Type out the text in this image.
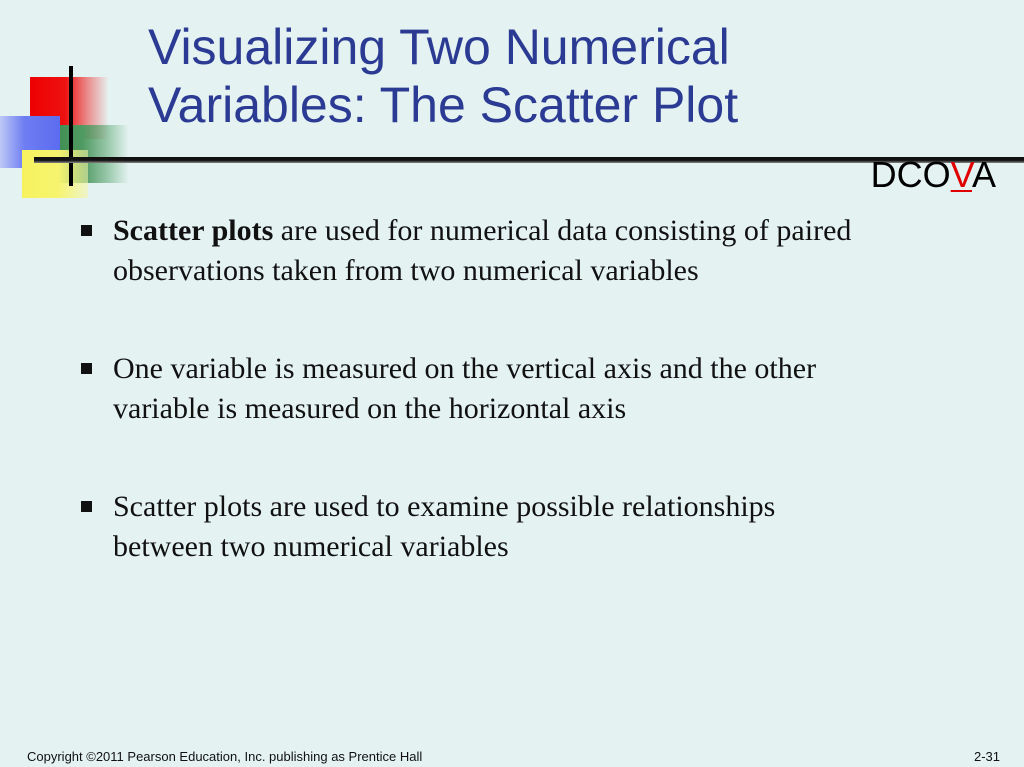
Visualizing Two Numerical
Variables: The Scatter Plot
DCOVA
Scatter plots are used for numerical data consisting of paired
observations taken from two numerical variables
One variable is measured on the vertical axis and the other
variable is measured on the horizontal axis
Scatter plots are used to examine possible relationships
between two numerical variables
Copyright ©2011 Pearson Education, Inc. publishing as Prentice Hall	2-31
